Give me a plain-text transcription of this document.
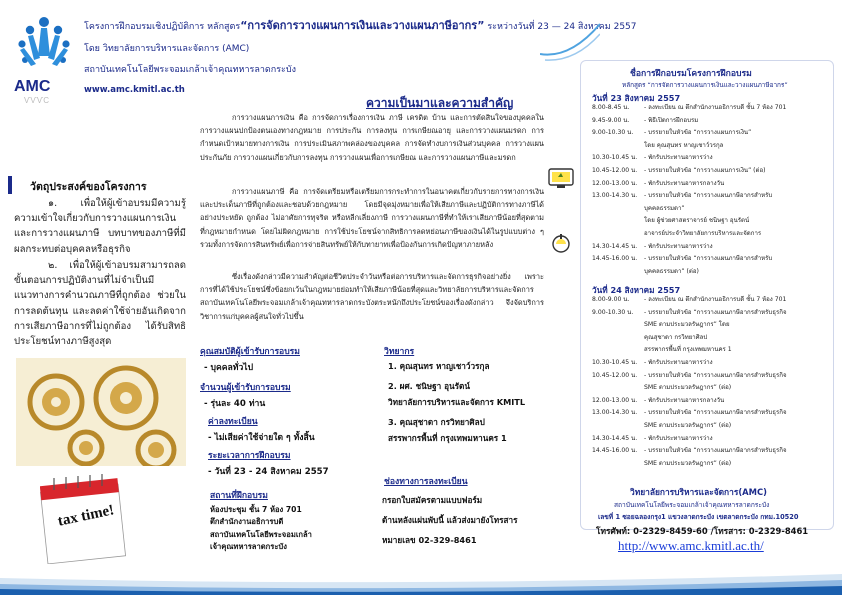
AMC
ѴѴѴС
โครงการฝึกอบรมเชิงปฏิบัติการ หลักสูตร“การจัดการวางแผนการเงินและวางแผนภาษีอากร” ระหว่างวันที่ 23 — 24 สิงหาคม 2557
โดย วิทยาลัยการบริหารและจัดการ (AMC)
สถาบันเทคโนโลยีพระจอมเกล้าเจ้าคุณทหารลาดกระบัง
www.amc.kmitl.ac.th
ความเป็นมาและความสำคัญ
การวางแผนการเงิน คือ การจัดการเรื่องการเงิน ภาษี เครดิต บ้าน และการตัดสินใจของบุคคลในการวางแผนปกป้องตนเองทางกฎหมาย การประกัน การลงทุน การเกษียณอายุ และการวางแผนมรดก การกำหนดเป้าหมายทางการเงิน การประเมินสภาพคล่องของบุคคล การจัดทำงบการเงินส่วนบุคคล การวางแผนประกันภัย การวางแผนเกี่ยวกับการลงทุน การวางแผนเพื่อการเกษียณ และการวางแผนภาษีและมรดก
การวางแผนภาษี คือ การจัดเตรียมหรือเตรียมการกระทำการในอนาคตเกี่ยวกับรายการทางการเงิน และประเด็นภาษีที่ถูกต้องและชอบด้วยกฎหมาย โดยมีจุดมุ่งหมายเพื่อให้เสียภาษีและปฏิบัติการทางภาษีได้อย่างประหยัด ถูกต้อง ไม่อาศัยการทุจริต หรือหลีกเลี่ยงภาษี การวางแผนภาษีที่ทำให้เราเสียภาษีน้อยที่สุดตามที่กฎหมายกำหนด โดยไม่ผิดกฎหมาย การใช้ประโยชน์จากสิทธิการลดหย่อนภาษีของเงินได้ในรูปแบบต่าง ๆ รวมทั้งการจัดการสินทรัพย์เพื่อการจ่ายสินทรัพย์ให้กับทายาทเพื่อป้องกันการเกิดปัญหาภายหลัง
ซึ่งเรื่องดังกล่าวมีความสำคัญต่อชีวิตประจำวันหรือต่อการบริหารและจัดการธุรกิจอย่างยิ่ง เพราะการที่ได้ใช้ประโยชน์ซึ่งข้อยกเว้นในกฎหมายย่อมทำให้เสียภาษีน้อยที่สุดและวิทยาลัยการบริหารและจัดการ สถาบันเทคโนโลยีพระจอมเกล้าเจ้าคุณทหารลาดกระบังตระหนักถึงประโยชน์ของเรื่องดังกล่าว จึงจัดบริการวิชาการแก่บุคคลผู้สนใจทั่วไปขึ้น
วัตถุประสงค์ของโครงการ
๑. เพื่อให้ผู้เข้าอบรมมีความรู้ความเข้าใจเกี่ยวกับการวางแผนการเงินและการวางแผนภาษี บทบาทของภาษีที่มีผลกระทบต่อบุคคลหรือธุรกิจ
๒. เพื่อให้ผู้เข้าอบรมสามารถลดขั้นตอนการปฏิบัติงานที่ไม่จำเป็นมีแนวทางการคำนวณภาษีที่ถูกต้อง ช่วยในการลดต้นทุน และลดค่าใช้จ่ายอันเกิดจากการเสียภาษีอากรที่ไม่ถูกต้อง ได้รับสิทธิประโยชน์ทางภาษีสูงสุด
tax time!
คุณสมบัติผู้เข้ารับการอบรม
- บุคคลทั่วไป
จำนวนผู้เข้ารับการอบรม
- รุ่นละ 40 ท่าน
ค่าลงทะเบียน
- ไม่เสียค่าใช้จ่ายใด ๆ ทั้งสิ้น
ระยะเวลาการฝึกอบรม
- วันที่ 23 - 24 สิงหาคม 2557
สถานที่ฝึกอบรม
ห้องประชุม ชั้น 7 ห้อง 701
ตึกสำนักงานอธิการบดี
สถาบันเทคโนโลยีพระจอมเกล้า
เจ้าคุณทหารลาดกระบัง
วิทยากร
1. คุณสุนทร หาญเชาว์วรกุล
2. ผศ. ชนิษฐา อุนรัตน์
วิทยาลัยการบริหารและจัดการ KMITL
3. คุณสุชาดา กรวิทยาศิลป
สรรพากรพื้นที่ กรุงเทพมหานคร 1
ช่องทางการลงทะเบียน
กรอกใบสมัครตามแบบฟอร์ม
ด้านหลังแผ่นพับนี้ แล้วส่งมายังโทรสาร
หมายเลข 02-329-8461
ชื่อการฝึกอบรมโครงการฝึกอบรม
หลักสูตร “การจัดการวางแผนการเงินและวางแผนภาษีอากร”
วันที่ 23 สิงหาคม 2557
8.00-8.45 น. - ลงทะเบียน ณ ตึกสำนักงานอธิการบดี ชั้น 7 ห้อง 701
9.45-9.00 น. - พิธีเปิดการฝึกอบรม
9.00-10.30 น. - บรรยายในหัวข้อ “การวางแผนการเงิน”
โดย คุณสุนทร หาญเชาว์วรกุล
10.30-10.45 น. - พักรับประทานอาหารว่าง
10.45-12.00 น. - บรรยายในหัวข้อ “การวางแผนการเงิน” (ต่อ)
12.00-13.00 น. - พักรับประทานอาหารกลางวัน
13.00-14.30 น. - บรรยายในหัวข้อ “การวางแผนภาษีอากรสำหรับ
บุคคลธรรมดา”
โดย ผู้ช่วยศาสตราจารย์ ชนิษฐา อุนรัตน์
อาจารย์ประจำวิทยาลัยการบริหารและจัดการ
14.30-14.45 น. - พักรับประทานอาหารว่าง
14.45-16.00 น. - บรรยายในหัวข้อ “การวางแผนภาษีอากรสำหรับ
บุคคลธรรมดา” (ต่อ)
วันที่ 24 สิงหาคม 2557
8.00-9.00 น. - ลงทะเบียน ณ ตึกสำนักงานอธิการบดี ชั้น 7 ห้อง 701
9.00-10.30 น. - บรรยายในหัวข้อ “การวางแผนภาษีอากรสำหรับธุรกิจ
SME ตามประมวลรัษฎากร” โดย
คุณสุชาดา กรวิทยาศิลป
สรรพากรพื้นที่ กรุงเทพมหานคร 1
10.30-10.45 น. - พักรับประทานอาหารว่าง
10.45-12.00 น. - บรรยายในหัวข้อ “การวางแผนภาษีอากรสำหรับธุรกิจ
SME ตามประมวลรัษฎากร” (ต่อ)
12.00-13.00 น. - พักรับประทานอาหารกลางวัน
13.00-14.30 น. - บรรยายในหัวข้อ “การวางแผนภาษีอากรสำหรับธุรกิจ
SME ตามประมวลรัษฎากร” (ต่อ)
14.30-14.45 น. - พักรับประทานอาหารว่าง
14.45-16.00 น. - บรรยายในหัวข้อ “การวางแผนภาษีอากรสำหรับธุรกิจ
SME ตามประมวลรัษฎากร” (ต่อ)
วิทยาลัยการบริหารและจัดการ(AMC)
สถาบันเทคโนโลยีพระจอมเกล้าเจ้าคุณทหารลาดกระบัง
เลขที่ 1 ซอยฉลองกรุง1 แขวงลาดกระบัง เขตลาดกระบัง กทม.10520
โทรศัพท์: 0-2329-8459-60 /โทรสาร: 0-2329-8461
http://www.amc.kmitl.ac.th/
